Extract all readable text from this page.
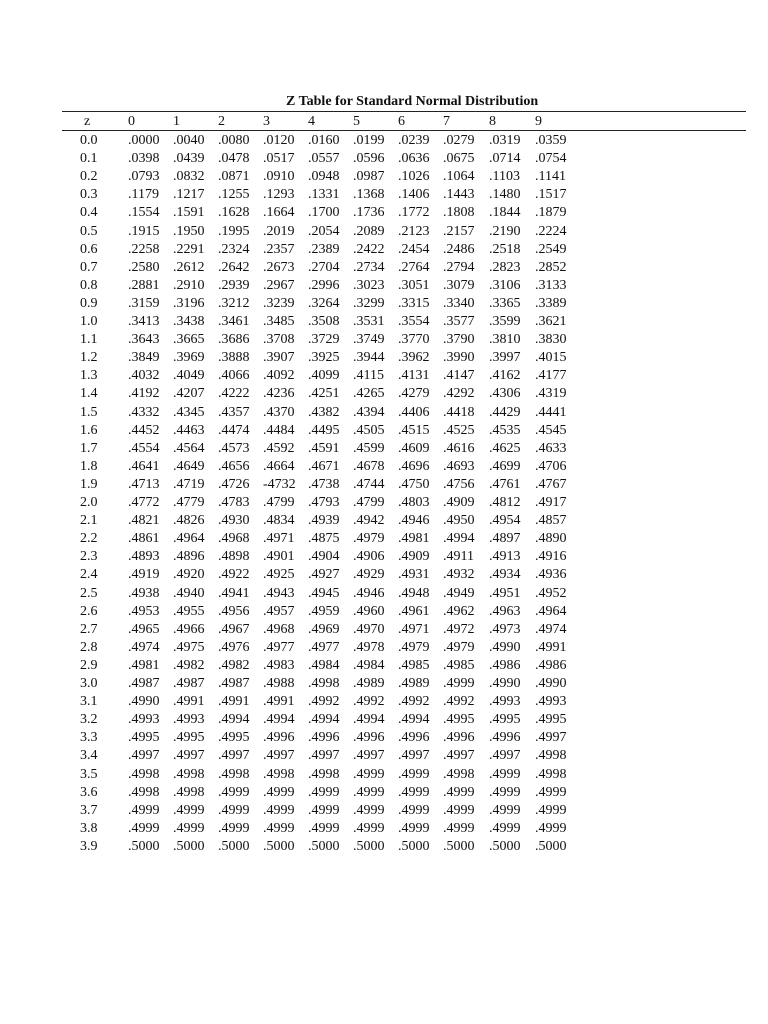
Z Table for Standard Normal Distribution
z	0	1	2	3	4	5	6	7	8	9
0.0 .0000 .0040 .0080 .0120 .0160 .0199 .0239 .0279 .0319 .0359
0.1 .0398 .0439 .0478 .0517 .0557 .0596 .0636 .0675 .0714 .0754
0.2 .0793 .0832 .0871 .0910 .0948 .0987 .1026 .1064 .1103 .1141
0.3 .1179 .1217 .1255 .1293 .1331 .1368 .1406 .1443 .1480 .1517
0.4 .1554 .1591 .1628 .1664 .1700 .1736 .1772 .1808 .1844 .1879
0.5 .1915 .1950 .1995 .2019 .2054 .2089 .2123 .2157 .2190 .2224
0.6 .2258 .2291 .2324 .2357 .2389 .2422 .2454 .2486 .2518 .2549
0.7 .2580 .2612 .2642 .2673 .2704 .2734 .2764 .2794 .2823 .2852
0.8 .2881 .2910 .2939 .2967 .2996 .3023 .3051 .3079 .3106 .3133
0.9 .3159 .3196 .3212 .3239 .3264 .3299 .3315 .3340 .3365 .3389
1.0 .3413 .3438 .3461 .3485 .3508 .3531 .3554 .3577 .3599 .3621
1.1 .3643 .3665 .3686 .3708 .3729 .3749 .3770 .3790 .3810 .3830
1.2 .3849 .3969 .3888 .3907 .3925 .3944 .3962 .3990 .3997 .4015
1.3 .4032 .4049 .4066 .4092 .4099 .4115 .4131 .4147 .4162 .4177
1.4 .4192 .4207 .4222 .4236 .4251 .4265 .4279 .4292 .4306 .4319
1.5 .4332 .4345 .4357 .4370 .4382 .4394 .4406 .4418 .4429 .4441
1.6 .4452 .4463 .4474 .4484 .4495 .4505 .4515 .4525 .4535 .4545
1.7 .4554 .4564 .4573 .4592 .4591 .4599 .4609 .4616 .4625 .4633
1.8 .4641 .4649 .4656 .4664 .4671 .4678 .4696 .4693 .4699 .4706
1.9 .4713 .4719 .4726 -4732 .4738 .4744 .4750 .4756 .4761 .4767
2.0 .4772 .4779 .4783 .4799 .4793 .4799 .4803 .4909 .4812 .4917
2.1 .4821 .4826 .4930 .4834 .4939 .4942 .4946 .4950 .4954 .4857
2.2 .4861 .4964 .4968 .4971 .4875 .4979 .4981 .4994 .4897 .4890
2.3 .4893 .4896 .4898 .4901 .4904 .4906 .4909 .4911 .4913 .4916
2.4 .4919 .4920 .4922 .4925 .4927 .4929 .4931 .4932 .4934 .4936
2.5 .4938 .4940 .4941 .4943 .4945 .4946 .4948 .4949 .4951 .4952
2.6 .4953 .4955 .4956 .4957 .4959 .4960 .4961 .4962 .4963 .4964
2.7 .4965 .4966 .4967 .4968 .4969 .4970 .4971 .4972 .4973 .4974
2.8 .4974 .4975 .4976 .4977 .4977 .4978 .4979 .4979 .4990 .4991
2.9 .4981 .4982 .4982 .4983 .4984 .4984 .4985 .4985 .4986 .4986
3.0 .4987 .4987 .4987 .4988 .4998 .4989 .4989 .4999 .4990 .4990
3.1 .4990 .4991 .4991 .4991 .4992 .4992 .4992 .4992 .4993 .4993
3.2 .4993 .4993 .4994 .4994 .4994 .4994 .4994 .4995 .4995 .4995
3.3 .4995 .4995 .4995 .4996 .4996 .4996 .4996 .4996 .4996 .4997
3.4 .4997 .4997 .4997 .4997 .4997 .4997 .4997 .4997 .4997 .4998
3.5 .4998 .4998 .4998 .4998 .4998 .4999 .4999 .4998 .4999 .4998
3.6 .4998 .4998 .4999 .4999 .4999 .4999 .4999 .4999 .4999 .4999
3.7 .4999 .4999 .4999 .4999 .4999 .4999 .4999 .4999 .4999 .4999
3.8 .4999 .4999 .4999 .4999 .4999 .4999 .4999 .4999 .4999 .4999
3.9 .5000 .5000 .5000 .5000 .5000 .5000 .5000 .5000 .5000 .5000
